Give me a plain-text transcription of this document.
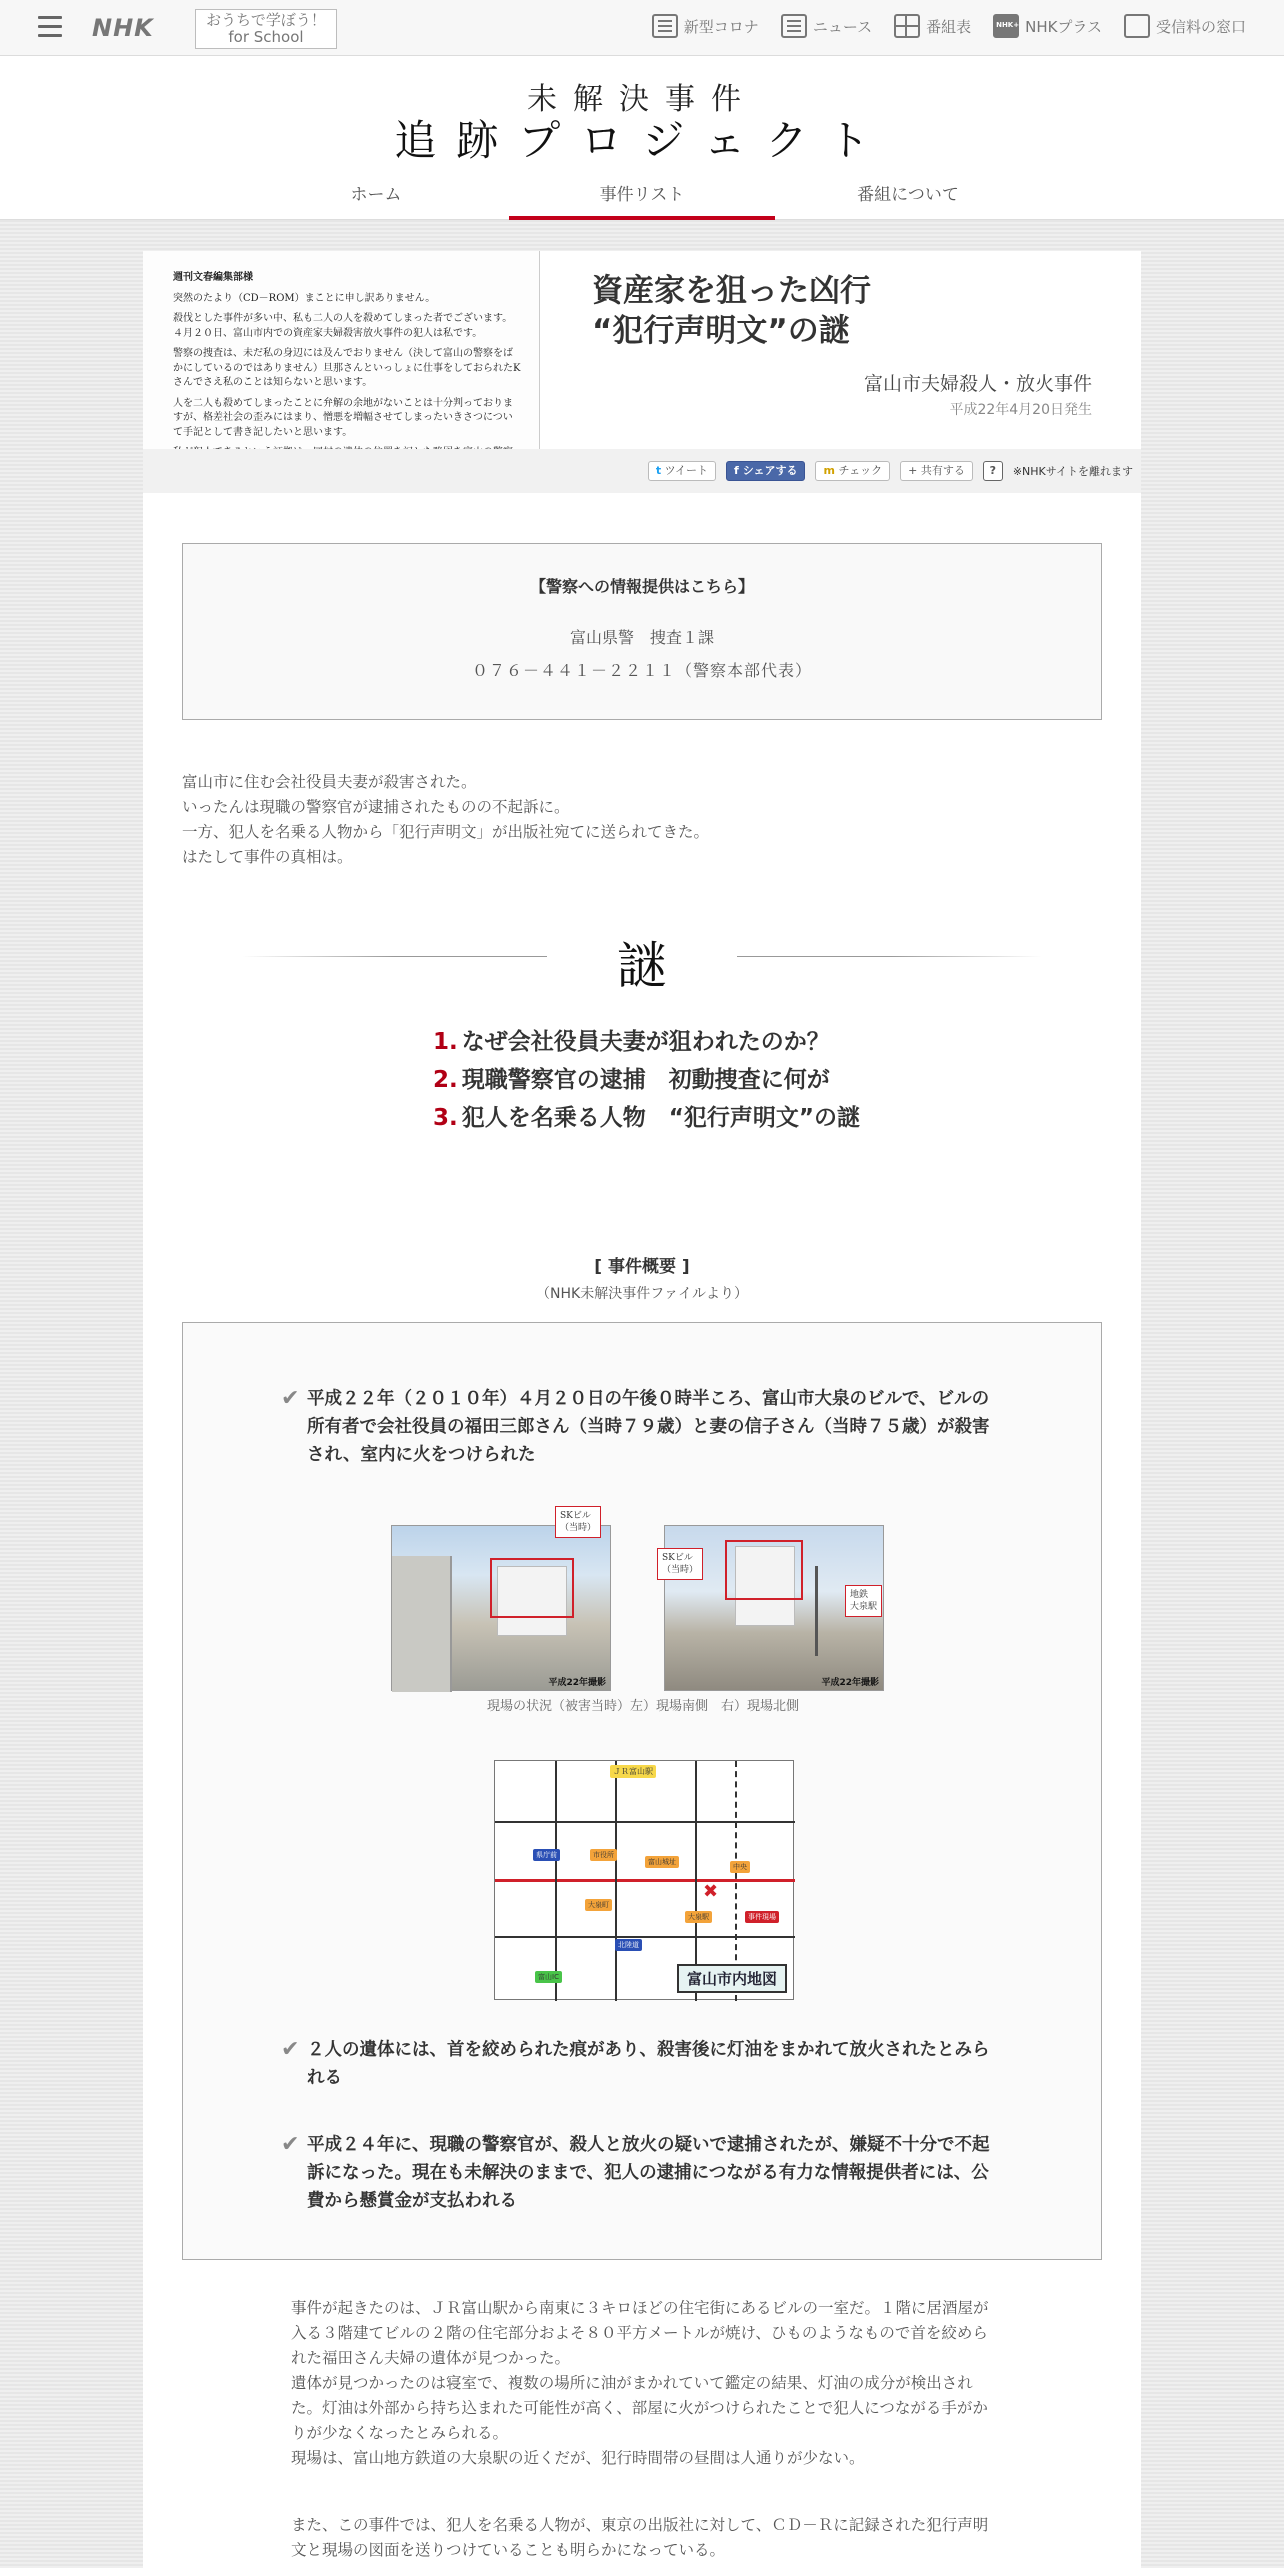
NHK	おうちで学ぼう！
for School
新型コロナ	ニュース	番組表
NHK+	NHKプラス	受信料の窓口
未解決事件
追跡プロジェクト
ホーム	事件リスト	番組について

週刊文春編集部様

突然のたより（CD－ROM）まことに申し訳ありません。

殺伐とした事件が多い中、私も二人の人を殺めてしまった者でございます。４月２０日、富山市内での資産家夫婦殺害放火事件の犯人は私です。

警察の捜査は、未だ私の身辺には及んでおりません（決して富山の警察をばかにしているのではありません）旦那さんといっしょに仕事をしておられたKさんでさえ私のことは知らないと思います。

人を二人も殺めてしまったことに弁解の余地がないことは十分判っておりますが、格差社会の歪みにはまり、憎悪を増幅させてしまったいきさつについて手記として書き記したいと思います。

資産家を狙った凶行
“犯行声明文”の謎
富山市夫婦殺人・放火事件
平成22年4月20日発生
t ツイート	f シェアする	m チェック	+ 共有する	?	※NHKサイトを離れます
【警察への情報提供はこちら】
富山県警　捜査１課
０７６－４４１－２２１１（警察本部代表）
富山市に住む会社役員夫妻が殺害された。
いったんは現職の警察官が逮捕されたものの不起訴に。
一方、犯人を名乗る人物から「犯行声明文」が出版社宛てに送られてきた。
はたして事件の真相は。
謎
1. なぜ会社役員夫妻が狙われたのか？
2. 現職警察官の逮捕　初動捜査に何が
3. 犯人を名乗る人物　“犯行声明文”の謎
[ 事件概要 ]
（NHK未解決事件ファイルより）
✔ 平成２２年（２０１０年）４月２０日の午後０時半ころ、富山市大泉のビルで、ビルの所有者で会社役員の福田三郎さん（当時７９歳）と妻の信子さん（当時７５歳）が殺害され、室内に火をつけられた
平成22年撮影
SKビル
（当時）
平成22年撮影
SKビル
（当時）
地鉄
大泉駅
現場の状況（被害当時）左）現場南側　右）現場北側
ＪＲ富山駅
県庁前	市役所
富山城址
中央
大泉町
大泉駅	事件現場
北陸道
富山IC
✖
富山市内地図
✔ ２人の遺体には、首を絞められた痕があり、殺害後に灯油をまかれて放火されたとみられる
✔ 平成２４年に、現職の警察官が、殺人と放火の疑いで逮捕されたが、嫌疑不十分で不起訴になった。現在も未解決のままで、犯人の逮捕につながる有力な情報提供者には、公費から懸賞金が支払われる
事件が起きたのは、ＪＲ富山駅から南東に３キロほどの住宅街にあるビルの一室だ。１階に居酒屋が入る３階建てビルの２階の住宅部分およそ８０平方メートルが焼け、ひものようなもので首を絞められた福田さん夫婦の遺体が見つかった。
遺体が見つかったのは寝室で、複数の場所に油がまかれていて鑑定の結果、灯油の成分が検出された。灯油は外部から持ち込まれた可能性が高く、部屋に火がつけられたことで犯人につながる手がかりが少なくなったとみられる。
現場は、富山地方鉄道の大泉駅の近くだが、犯行時間帯の昼間は人通りが少ない。
また、この事件では、犯人を名乗る人物が、東京の出版社に対して、ＣＤ－Ｒに記録された犯行声明文と現場の図面を送りつけていることも明らかになっている。
